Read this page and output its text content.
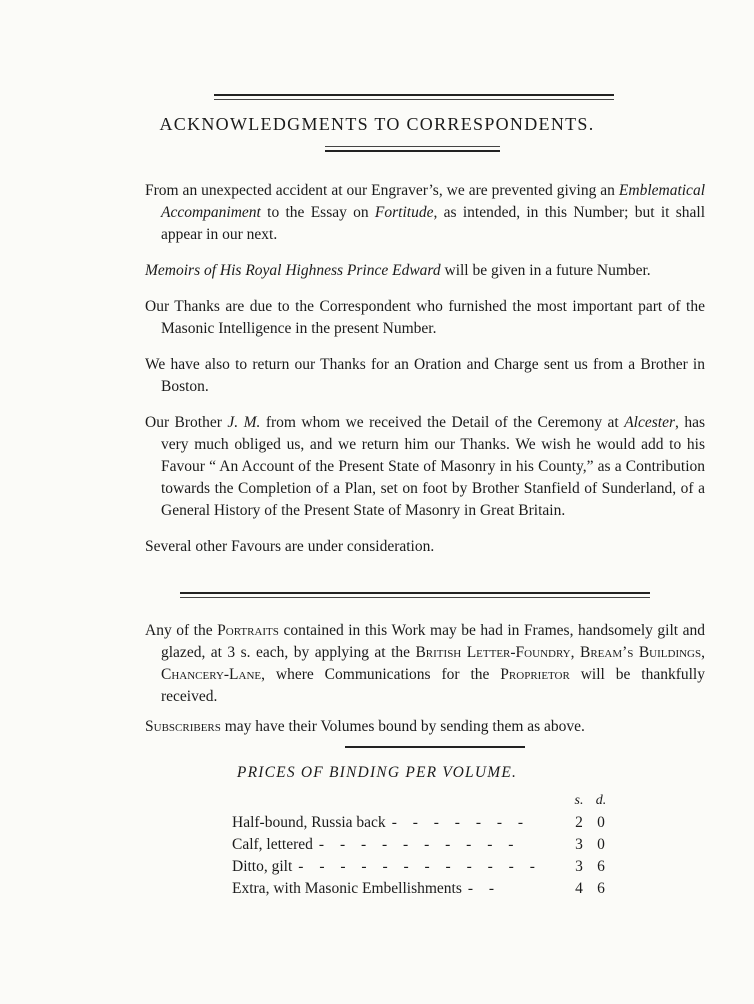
ACKNOWLEDGMENTS TO CORRESPONDENTS.

From an unexpected accident at our Engraver’s, we are prevented giving an Emblematical Accompaniment to the Essay on Fortitude, as intended, in this Number; but it shall appear in our next.

Memoirs of His Royal Highness Prince Edward will be given in a future Number.

Our Thanks are due to the Correspondent who furnished the most important part of the Masonic Intelligence in the present Number.

We have also to return our Thanks for an Oration and Charge sent us from a Brother in Boston.

Our Brother J. M. from whom we received the Detail of the Ceremony at Alcester, has very much obliged us, and we return him our Thanks. We wish he would add to his Favour “ An Account of the Present State of Masonry in his County,” as a Contribution towards the Completion of a Plan, set on foot by Brother Stanfield of Sunderland, of a General History of the Present State of Masonry in Great Britain.

Several other Favours are under consideration.

Any of the Portraits contained in this Work may be had in Frames, handsomely gilt and glazed, at 3 s. each, by applying at the British Letter-Foundry, Bream’s Buildings, Chancery-Lane, where Communications for the Proprietor will be thankfully received.

Subscribers may have their Volumes bound by sending them as above.

PRICES OF BINDING PER VOLUME.
s. d.
Half-bound, Russia back - - - - - - -	2 0
Calf, lettered - - - - - - - - - -	3 0
Ditto, gilt - - - - - - - - - - - -	3 6
Extra, with Masonic Embellishments - -	4 6
